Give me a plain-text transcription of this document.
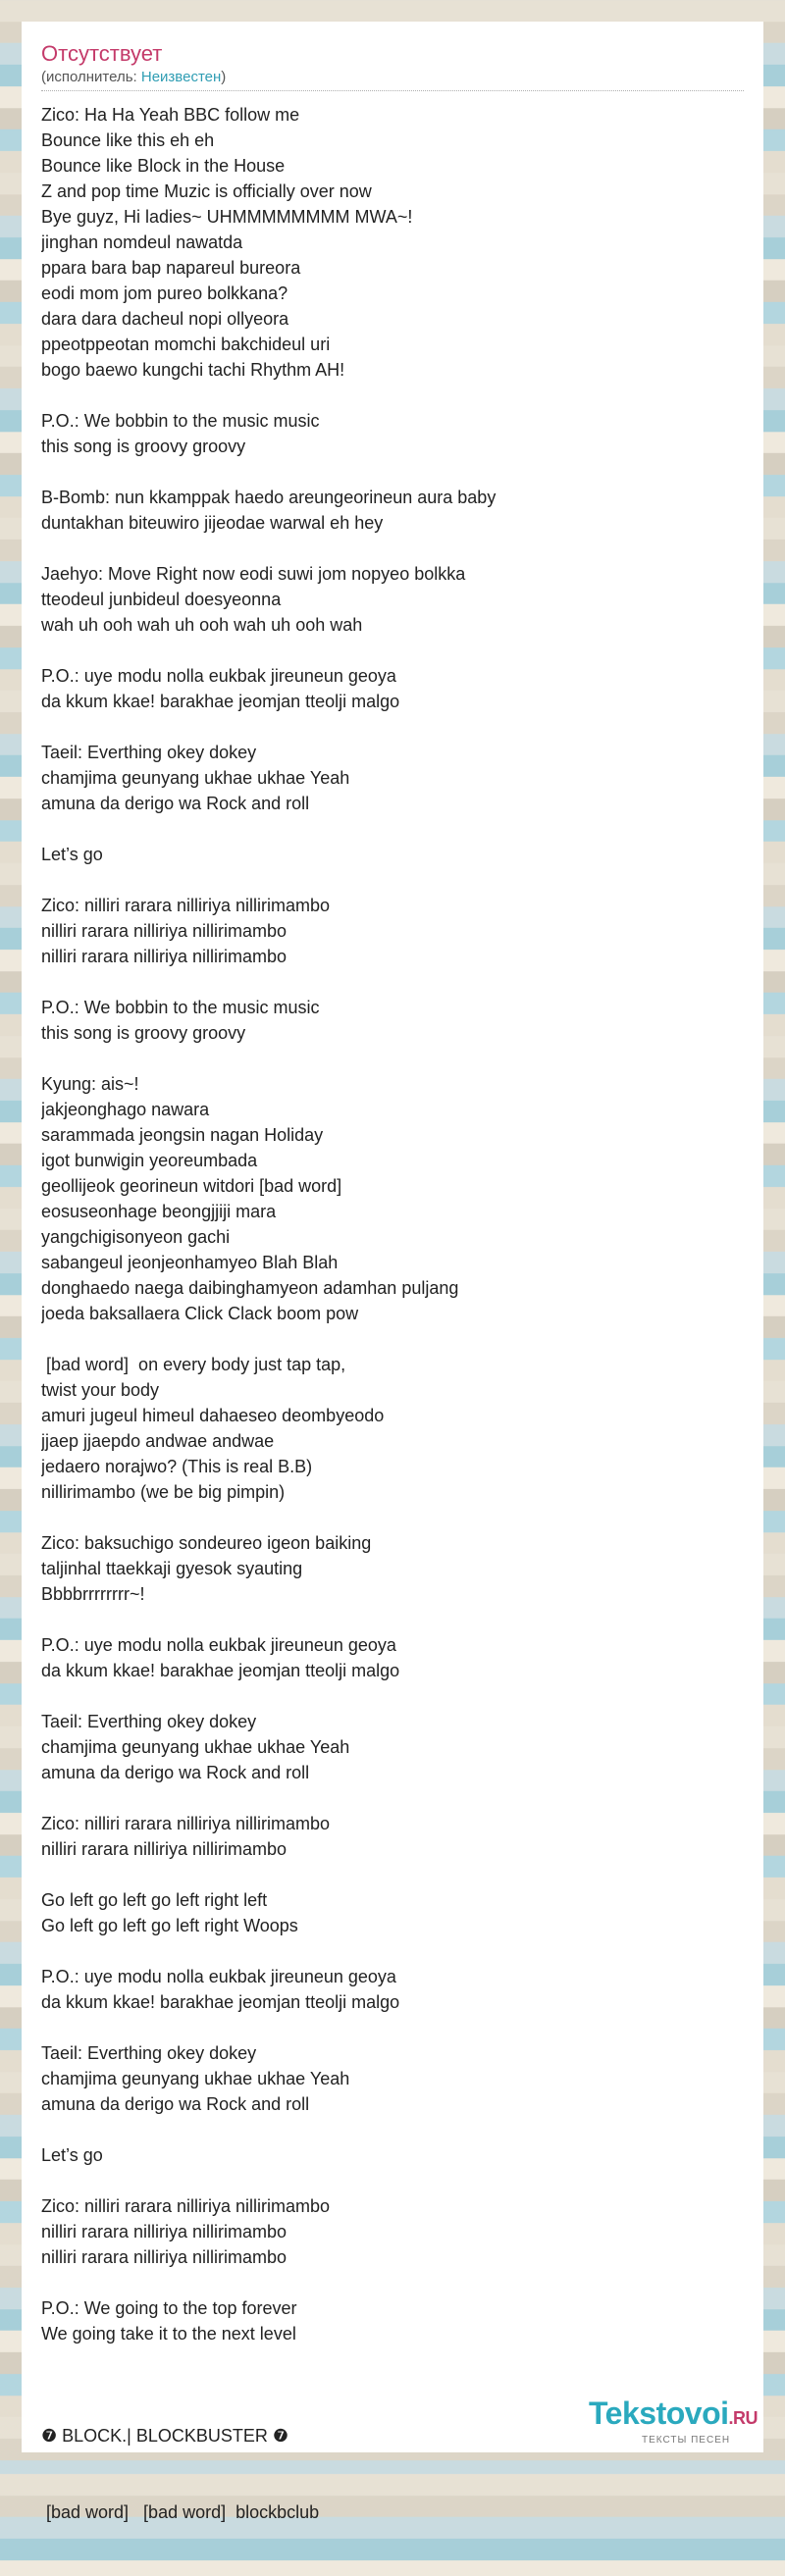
Отсутствует
(исполнитель: Неизвестен)
Zico: Ha Ha Yeah BBC follow me
Bounce like this eh eh
Bounce like Block in the House
Z and pop time Muzic is officially over now
Bye guyz, Hi ladies~ UHMMMMMMMM MWA~!
jinghan nomdeul nawatda
ppara bara bap napareul bureora
eodi mom jom pureo bolkkana?
dara dara dacheul nopi ollyeora
ppeotppeotan momchi bakchideul uri
bogo baewo kungchi tachi Rhythm AH!
P.O.: We bobbin to the music music
this song is groovy groovy
B-Bomb: nun kkamppak haedo areungeorineun aura baby
duntakhan biteuwiro jijeodae warwal eh hey
Jaehyo: Move Right now eodi suwi jom nopyeo bolkka
tteodeul junbideul doesyeonna
wah uh ooh wah uh ooh wah uh ooh wah
P.O.: uye modu nolla eukbak jireuneun geoya
da kkum kkae! barakhae jeomjan tteolji malgo
Taeil: Everthing okey dokey
chamjima geunyang ukhae ukhae Yeah
amuna da derigo wa Rock and roll
Let’s go
Zico: nilliri rarara nilliriya nillirimambo
nilliri rarara nilliriya nillirimambo
nilliri rarara nilliriya nillirimambo
P.O.: We bobbin to the music music
this song is groovy groovy
Kyung: ais~!
jakjeonghago nawara
sarammada jeongsin nagan Holiday
igot bunwigin yeoreumbada
geollijeok georineun witdori [bad word]
eosuseonhage beongjjiji mara
yangchigisonyeon gachi
sabangeul jeonjeonhamyeo Blah Blah
donghaedo naega daibinghamyeon adamhan puljang
joeda baksallaera Click Clack boom pow
[bad word]  on every body just tap tap,
twist your body
amuri jugeul himeul dahaeseo deombyeodo
jjaep jjaepdo andwae andwae
jedaero norajwo? (This is real B.B)
nillirimambo (we be big pimpin)
Zico: baksuchigo sondeureo igeon baiking
taljinhal ttaekkaji gyesok syauting
Bbbbrrrrrrrr~!
P.O.: uye modu nolla eukbak jireuneun geoya
da kkum kkae! barakhae jeomjan tteolji malgo
Taeil: Everthing okey dokey
chamjima geunyang ukhae ukhae Yeah
amuna da derigo wa Rock and roll
Zico: nilliri rarara nilliriya nillirimambo
nilliri rarara nilliriya nillirimambo
Go left go left go left right left
Go left go left go left right Woops
P.O.: uye modu nolla eukbak jireuneun geoya
da kkum kkae! barakhae jeomjan tteolji malgo
Taeil: Everthing okey dokey
chamjima geunyang ukhae ukhae Yeah
amuna da derigo wa Rock and roll
Let’s go
Zico: nilliri rarara nilliriya nillirimambo
nilliri rarara nilliriya nillirimambo
nilliri rarara nilliriya nillirimambo
P.O.: We going to the top forever
We going take it to the next level

❼ BLOCK.| BLOCKBUSTER ❼

[bad word]   [bad word]  blockbclub

Tekstovoi.RU
ТЕКСТЫ ПЕСЕН
